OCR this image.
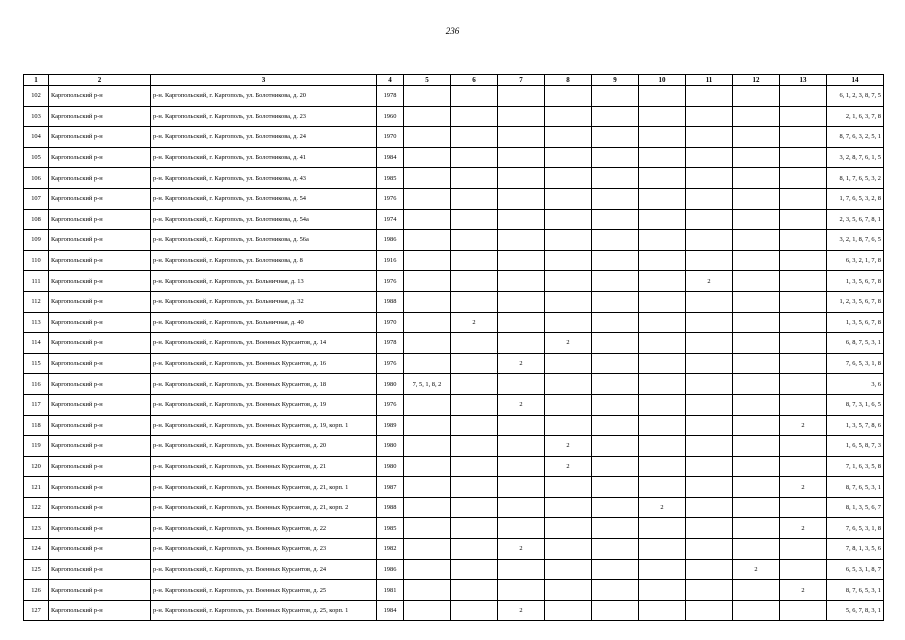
236
1	2	3	4	5	6	7	8	9	10	11	12	13	14
102	Каргопольский р-н	р-н. Каргопольский, г. Каргополь, ул. Болотникова, д. 20	1978										6, 1, 2, 3, 8, 7, 5
103	Каргопольский р-н	р-н. Каргопольский, г. Каргополь, ул. Болотникова, д. 23	1960										2, 1, 6, 3, 7, 8
104	Каргопольский р-н	р-н. Каргопольский, г. Каргополь, ул. Болотникова, д. 24	1970										8, 7, 6, 3, 2, 5, 1
105	Каргопольский р-н	р-н. Каргопольский, г. Каргополь, ул. Болотникова, д. 41	1984										3, 2, 8, 7, 6, 1, 5
106	Каргопольский р-н	р-н. Каргопольский, г. Каргополь, ул. Болотникова, д. 43	1985										8, 1, 7, 6, 5, 3, 2
107	Каргопольский р-н	р-н. Каргопольский, г. Каргополь, ул. Болотникова, д. 54	1976										1, 7, 6, 5, 3, 2, 8
108	Каргопольский р-н	р-н. Каргопольский, г. Каргополь, ул. Болотникова, д. 54а	1974										2, 3, 5, 6, 7, 8, 1
109	Каргопольский р-н	р-н. Каргопольский, г. Каргополь, ул. Болотникова, д. 56а	1986										3, 2, 1, 8, 7, 6, 5
110	Каргопольский р-н	р-н. Каргопольский, г. Каргополь, ул. Болотникова, д. 8	1916										6, 3, 2, 1, 7, 8
111	Каргопольский р-н	р-н. Каргопольский, г. Каргополь, ул. Больничная, д. 13	1976							2			1, 3, 5, 6, 7, 8
112	Каргопольский р-н	р-н. Каргопольский, г. Каргополь, ул. Больничная, д. 32	1988										1, 2, 3, 5, 6, 7, 8
113	Каргопольский р-н	р-н. Каргопольский, г. Каргополь, ул. Больничная, д. 40	1970		2								1, 3, 5, 6, 7, 8
114	Каргопольский р-н	р-н. Каргопольский, г. Каргополь, ул. Военных Курсантов, д. 14	1978				2						6, 8, 7, 5, 3, 1
115	Каргопольский р-н	р-н. Каргопольский, г. Каргополь, ул. Военных Курсантов, д. 16	1976			2							7, 6, 5, 3, 1, 8
116	Каргопольский р-н	р-н. Каргопольский, г. Каргополь, ул. Военных Курсантов, д. 18	1980	7, 5, 1, 8, 2									3, 6
117	Каргопольский р-н	р-н. Каргопольский, г. Каргополь, ул. Военных Курсантов, д. 19	1976			2							8, 7, 3, 1, 6, 5
118	Каргопольский р-н	р-н. Каргопольский, г. Каргополь, ул. Военных Курсантов, д. 19, корп. 1	1989									2	1, 3, 5, 7, 8, 6
119	Каргопольский р-н	р-н. Каргопольский, г. Каргополь, ул. Военных Курсантов, д. 20	1980				2						1, 6, 5, 8, 7, 3
120	Каргопольский р-н	р-н. Каргопольский, г. Каргополь, ул. Военных Курсантов, д. 21	1980				2						7, 1, 6, 3, 5, 8
121	Каргопольский р-н	р-н. Каргопольский, г. Каргополь, ул. Военных Курсантов, д. 21, корп. 1	1987									2	8, 7, 6, 5, 3, 1
122	Каргопольский р-н	р-н. Каргопольский, г. Каргополь, ул. Военных Курсантов, д. 21, корп. 2	1988						2				8, 1, 3, 5, 6, 7
123	Каргопольский р-н	р-н. Каргопольский, г. Каргополь, ул. Военных Курсантов, д. 22	1985									2	7, 6, 5, 3, 1, 8
124	Каргопольский р-н	р-н. Каргопольский, г. Каргополь, ул. Военных Курсантов, д. 23	1982			2							7, 8, 1, 3, 5, 6
125	Каргопольский р-н	р-н. Каргопольский, г. Каргополь, ул. Военных Курсантов, д. 24	1986								2		6, 5, 3, 1, 8, 7
126	Каргопольский р-н	р-н. Каргопольский, г. Каргополь, ул. Военных Курсантов, д. 25	1981									2	8, 7, 6, 5, 3, 1
127	Каргопольский р-н	р-н. Каргопольский, г. Каргополь, ул. Военных Курсантов, д. 25, корп. 1	1984			2							5, 6, 7, 8, 3, 1
